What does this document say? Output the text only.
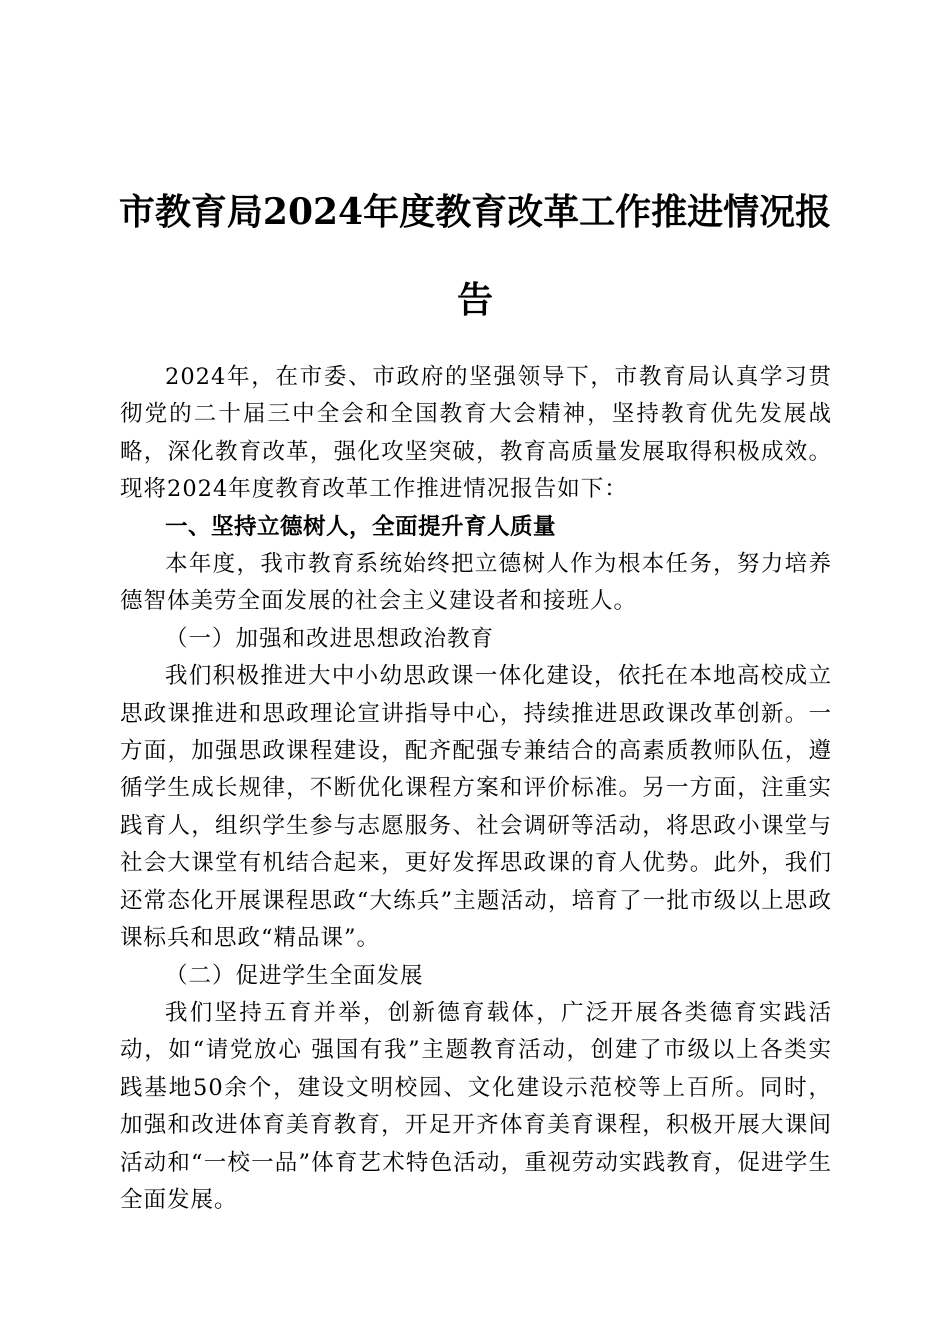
市教育局2024年度教育改革工作推进情况报
告

2024年，在市委、市政府的坚强领导下，市教育局认真学习贯彻党的二十届三中全会和全国教育大会精神，坚持教育优先发展战略，深化教育改革，强化攻坚突破，教育高质量发展取得积极成效。现将2024年度教育改革工作推进情况报告如下：

一、坚持立德树人，全面提升育人质量

本年度，我市教育系统始终把立德树人作为根本任务，努力培养德智体美劳全面发展的社会主义建设者和接班人。

（一）加强和改进思想政治教育

我们积极推进大中小幼思政课一体化建设，依托在本地高校成立思政课推进和思政理论宣讲指导中心，持续推进思政课改革创新。一方面，加强思政课程建设，配齐配强专兼结合的高素质教师队伍，遵循学生成长规律，不断优化课程方案和评价标准。另一方面，注重实践育人，组织学生参与志愿服务、社会调研等活动，将思政小课堂与社会大课堂有机结合起来，更好发挥思政课的育人优势。此外，我们还常态化开展课程思政“大练兵”主题活动，培育了一批市级以上思政课标兵和思政“精品课”。

（二）促进学生全面发展

我们坚持五育并举，创新德育载体，广泛开展各类德育实践活动，如“请党放心 强国有我”主题教育活动，创建了市级以上各类实践基地50余个，建设文明校园、文化建设示范校等上百所。同时，加强和改进体育美育教育，开足开齐体育美育课程，积极开展大课间活动和“一校一品”体育艺术特色活动，重视劳动实践教育，促进学生全面发展。
